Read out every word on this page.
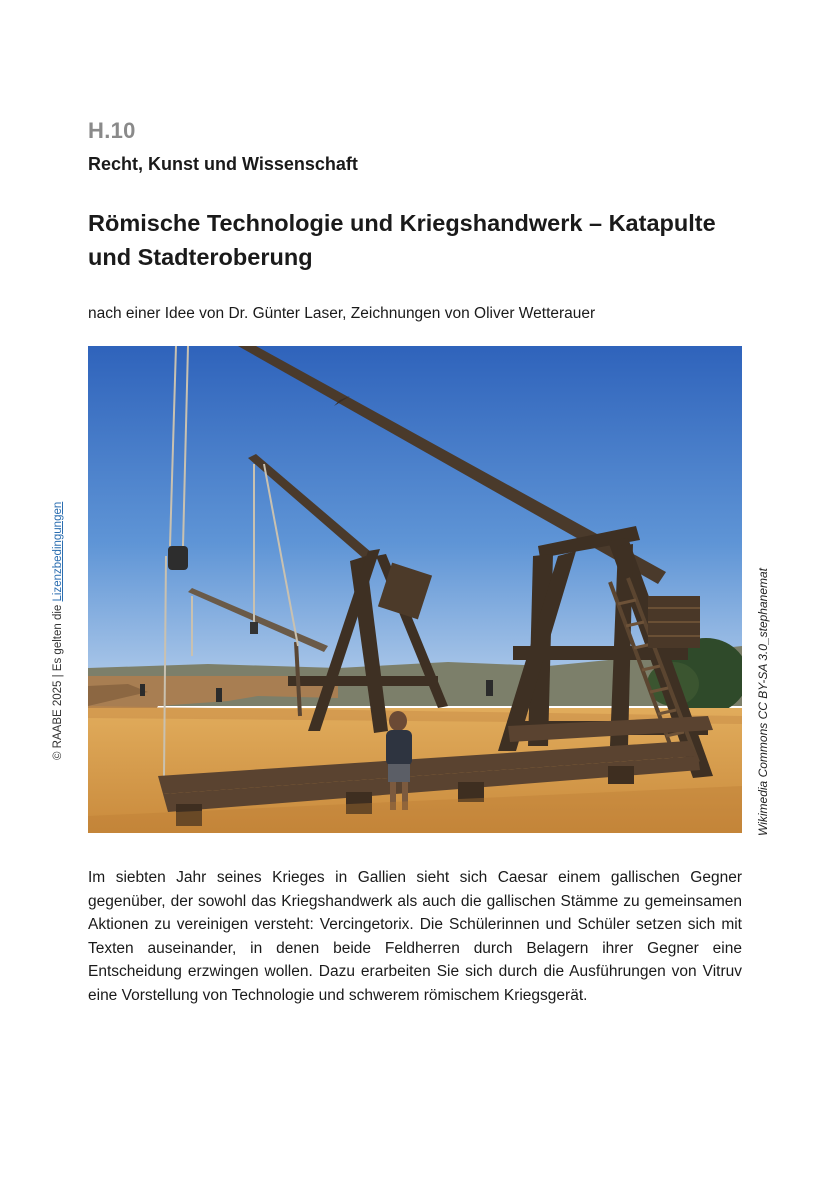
H.10
Recht, Kunst und Wissenschaft
Römische Technologie und Kriegshandwerk – Katapulte und Stadteroberung
nach einer Idee von Dr. Günter Laser, Zeichnungen von Oliver Wetterauer
Im siebten Jahr seines Krieges in Gallien sieht sich Caesar einem gallischen Gegner gegenüber, der sowohl das Kriegshandwerk als auch die gallischen Stämme zu gemeinsamen Aktionen zu vereinigen versteht: Vercingetorix. Die Schülerinnen und Schüler setzen sich mit Texten auseinander, in denen beide Feldherren durch Belagern ihrer Gegner eine Entscheidung erzwingen wollen. Dazu erarbeiten Sie sich durch die Ausführungen von Vitruv eine Vorstellung von Technologie und schwerem römischem Kriegsgerät.
© RAABE 2025 | Es gelten die Lizenzbedingungen
Wikimedia Commons CC BY-SA 3.0_stephanemat
